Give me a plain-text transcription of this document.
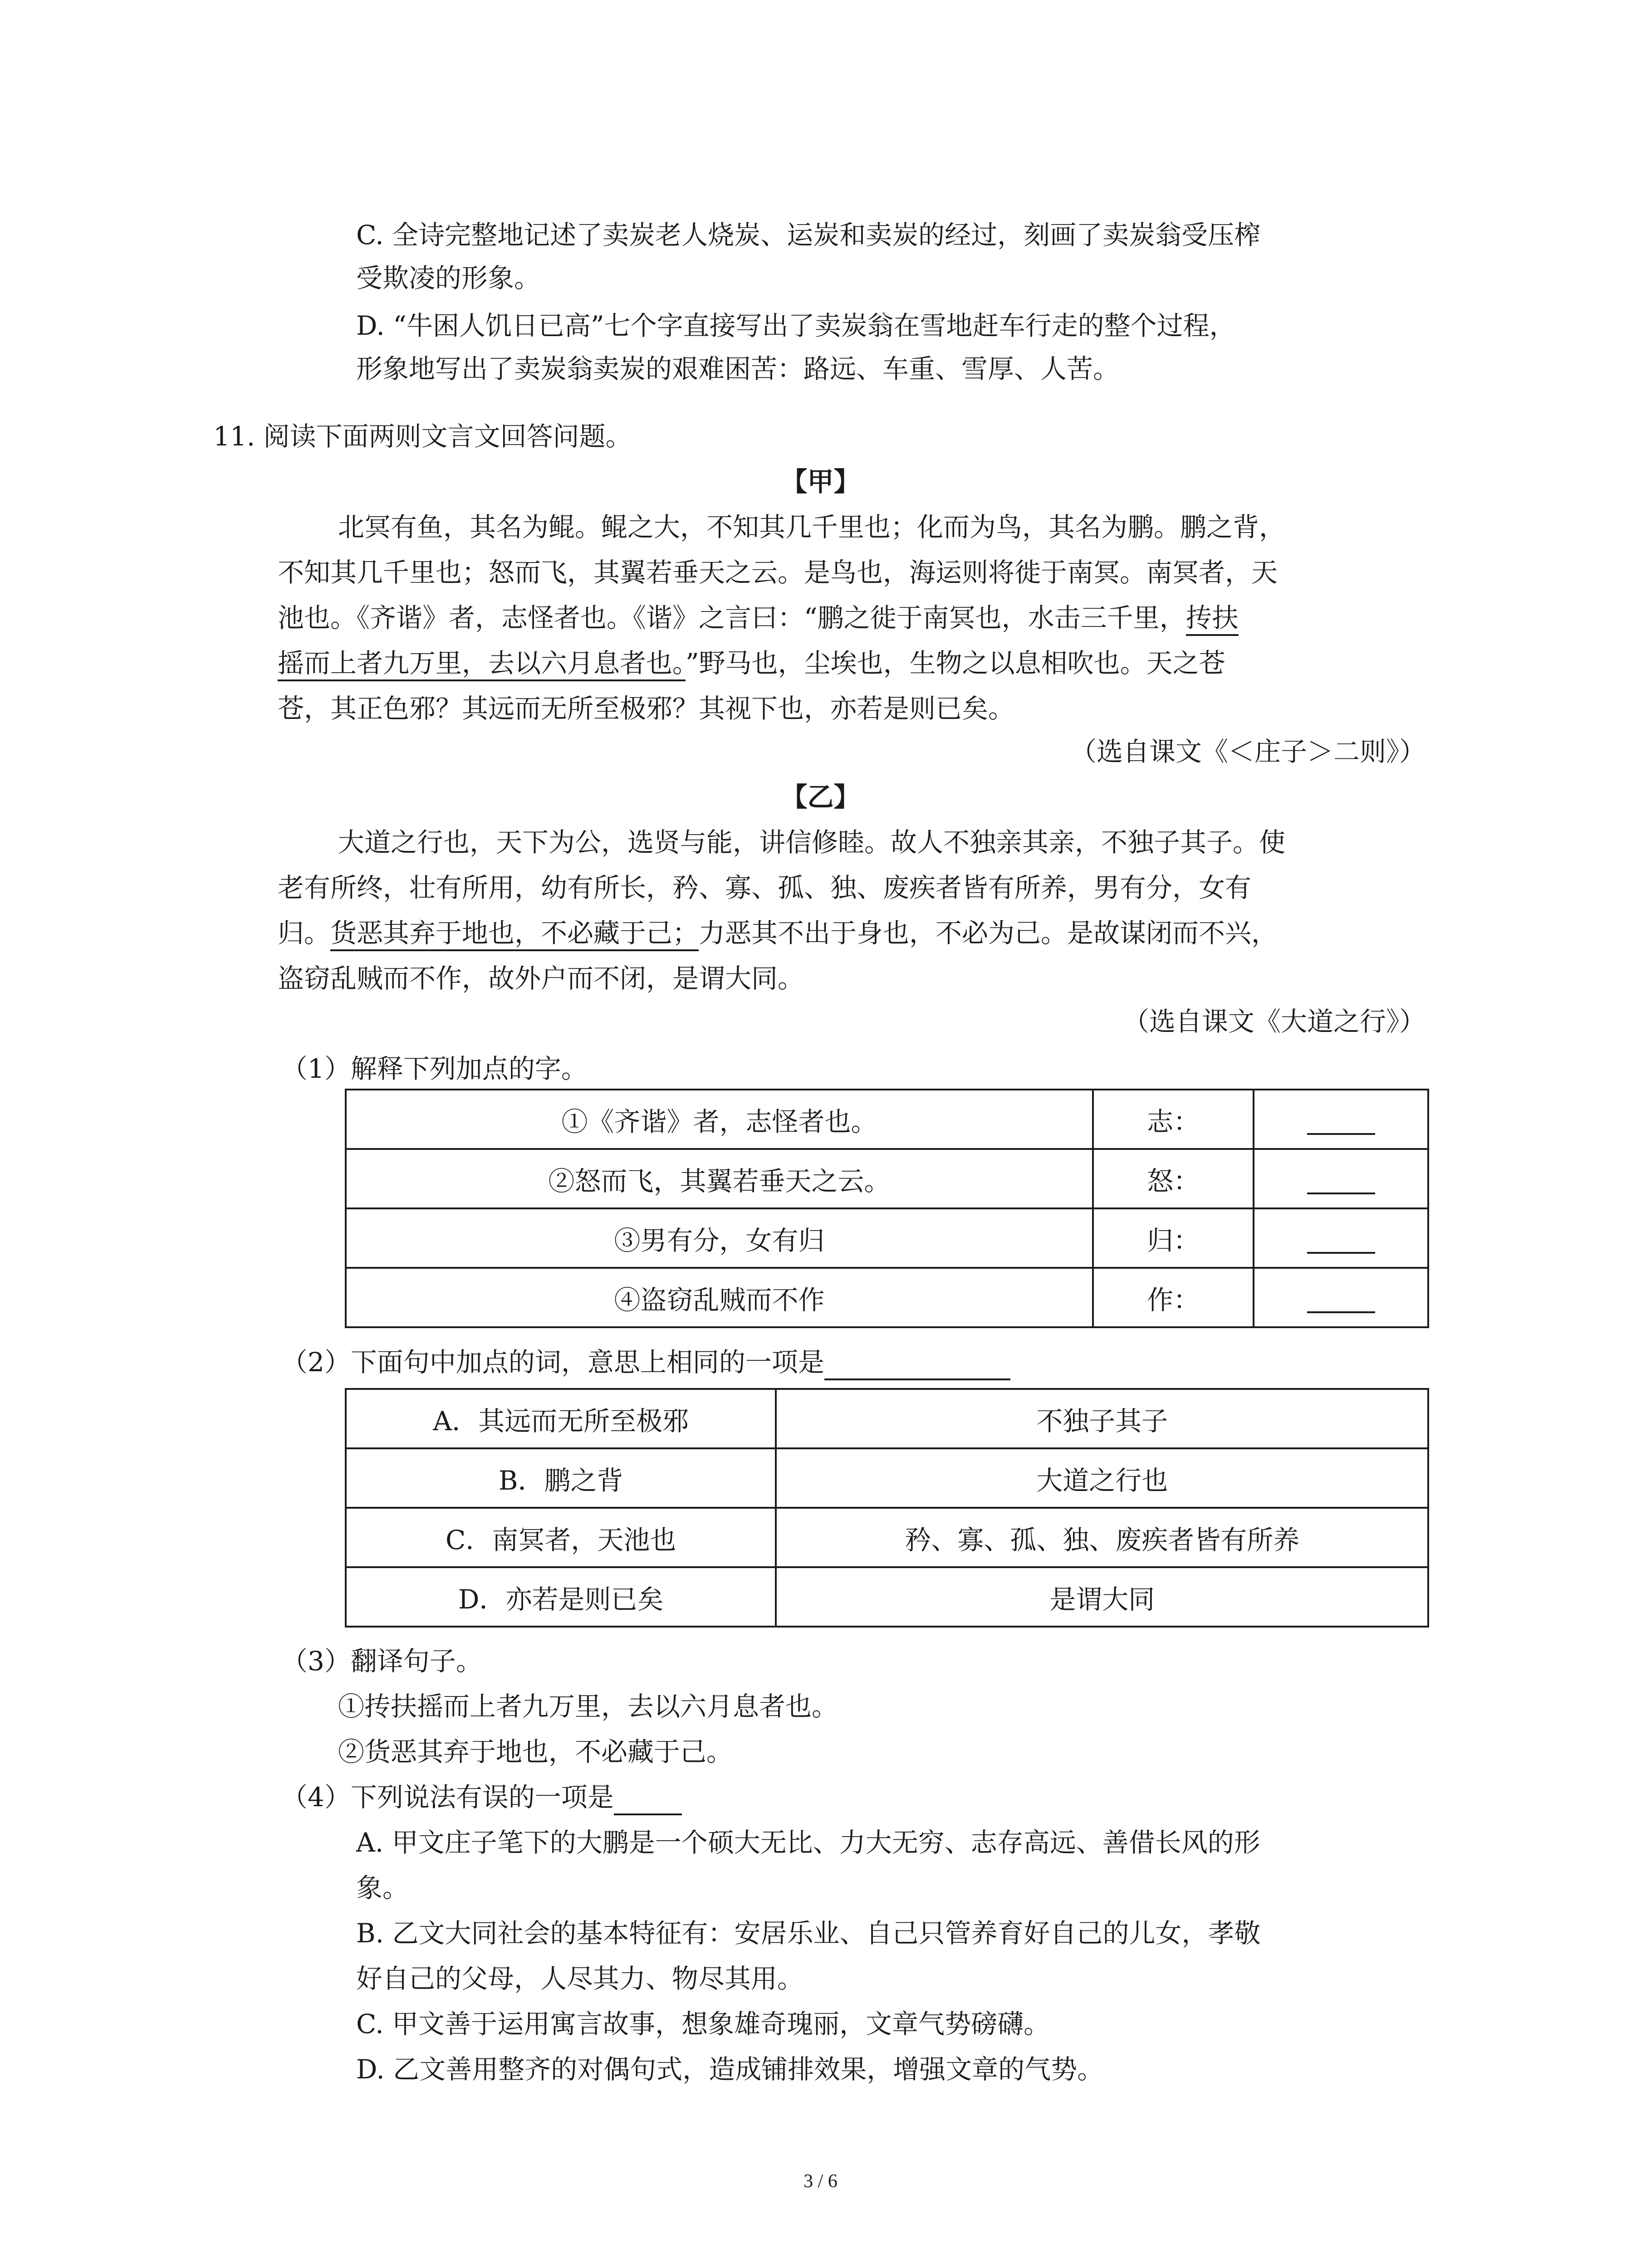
C. 全诗完整地记述了卖炭老人烧炭、运炭和卖炭的经过，刻画了卖炭翁受压榨
受欺凌的形象。
D. “牛困人饥日已高”七个字直接写出了卖炭翁在雪地赶车行走的整个过程，
形象地写出了卖炭翁卖炭的艰难困苦：路远、车重、雪厚、人苦。
11. 阅读下面两则文言文回答问题。
【甲】
北冥有鱼，其名为鲲。鲲之大，不知其几千里也；化而为鸟，其名为鹏。鹏之背，
不知其几千里也；怒而飞，其翼若垂天之云。是鸟也，海运则将徙于南冥。南冥者，天
池也。《齐谐》者，志怪者也。《谐》之言曰：“鹏之徙于南冥也，水击三千里，抟扶
摇而上者九万里，去以六月息者也。”野马也，尘埃也，生物之以息相吹也。天之苍
苍，其正色邪？其远而无所至极邪？其视下也，亦若是则已矣。
（选自课文《＜庄子＞二则》）
【乙】
大道之行也，天下为公，选贤与能，讲信修睦。故人不独亲其亲，不独子其子。使
老有所终，壮有所用，幼有所长，矜、寡、孤、独、废疾者皆有所养，男有分，女有
归。货恶其弃于地也，不必藏于己；力恶其不出于身也，不必为己。是故谋闭而不兴，
盗窃乱贼而不作，故外户而不闭，是谓大同。
（选自课文《大道之行》）
（1）解释下列加点的字。
①《齐谐》者，志怪者也。	志：	
②怒而飞，其翼若垂天之云。	怒：	
③男有分，女有归	归：	
④盗窃乱贼而不作	作：	
（2）下面句中加点的词，意思上相同的一项是
A．其远而无所至极邪	不独子其子
B．鹏之背	大道之行也
C．南冥者，天池也	矜、寡、孤、独、废疾者皆有所养
D．亦若是则已矣	是谓大同
（3）翻译句子。
①抟扶摇而上者九万里，去以六月息者也。
②货恶其弃于地也，不必藏于己。
（4）下列说法有误的一项是
A. 甲文庄子笔下的大鹏是一个硕大无比、力大无穷、志存高远、善借长风的形
象。
B. 乙文大同社会的基本特征有：安居乐业、自己只管养育好自己的儿女，孝敬
好自己的父母，人尽其力、物尽其用。
C. 甲文善于运用寓言故事，想象雄奇瑰丽，文章气势磅礴。
D. 乙文善用整齐的对偶句式，造成铺排效果，增强文章的气势。
3 / 6
